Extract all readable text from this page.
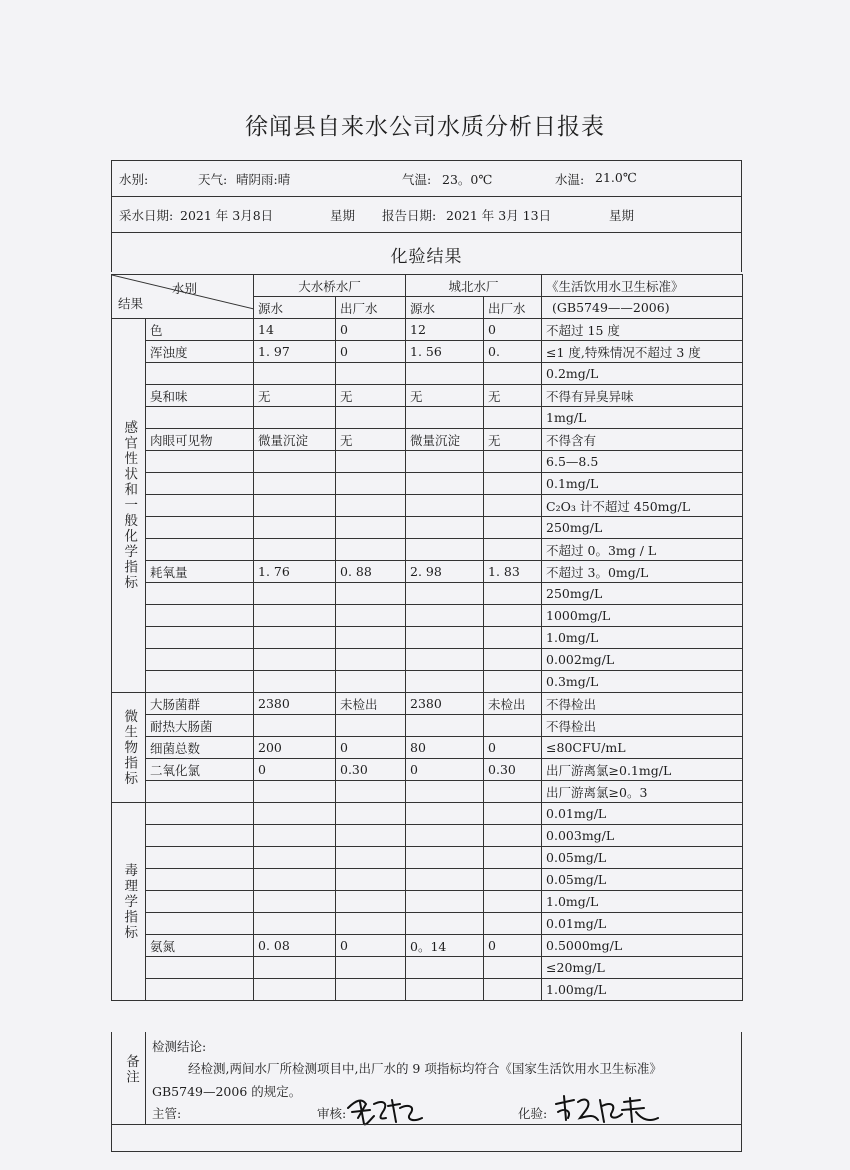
徐闻县自来水公司水质分析日报表
水别:	天气: 晴阴雨:晴	气温: 23。0℃	水温: 21.0℃
采水日期: 2021 年 3月8日	星期 报告日期: 2021 年 3月 13日	星期
化验结果
水别
结果		大水桥水厂		城北水厂		《生活饮用水卫生标准》
		源水	出厂水	源水	出厂水	(GB5749——2006)

感官性状和一般化学指标	色	14	0	12	0	不超过 15 度
	浑浊度	1. 97	0	1. 56	0.	≤1 度,特殊情况不超过 3 度
						0.2mg/L
	臭和味	无	无	无	无	不得有异臭异味
						1mg/L
	肉眼可见物	微量沉淀	无	微量沉淀	无	不得含有
						6.5—8.5
						0.1mg/L
						C₂O₃ 计不超过 450mg/L
						250mg/L
						不超过 0。3mg / L
	耗氧量	1. 76	0. 88	2. 98	1. 83	不超过 3。0mg/L
						250mg/L
						1000mg/L
						1.0mg/L
						0.002mg/L
						0.3mg/L

微生物指标	大肠菌群	2380	未检出	2380	未检出	不得检出
	耐热大肠菌					不得检出
	细菌总数	200	0	80	0	≤80CFU/mL
	二氧化氯	0	0.30	0	0.30	出厂游离氯≥0.1mg/L
						出厂游离氯≥0。3

毒理学指标						0.01mg/L
						0.003mg/L
						0.05mg/L
						0.05mg/L
						1.0mg/L
						0.01mg/L
	氨氮	0. 08	0	0。14	0	0.5000mg/L
						≤20mg/L
						1.00mg/L
备注
检测结论:
经检测,两间水厂所检测项目中,出厂水的 9 项指标均符合《国家生活饮用水卫生标准》
GB5749—2006 的规定。
主管:	审核:	化验:
